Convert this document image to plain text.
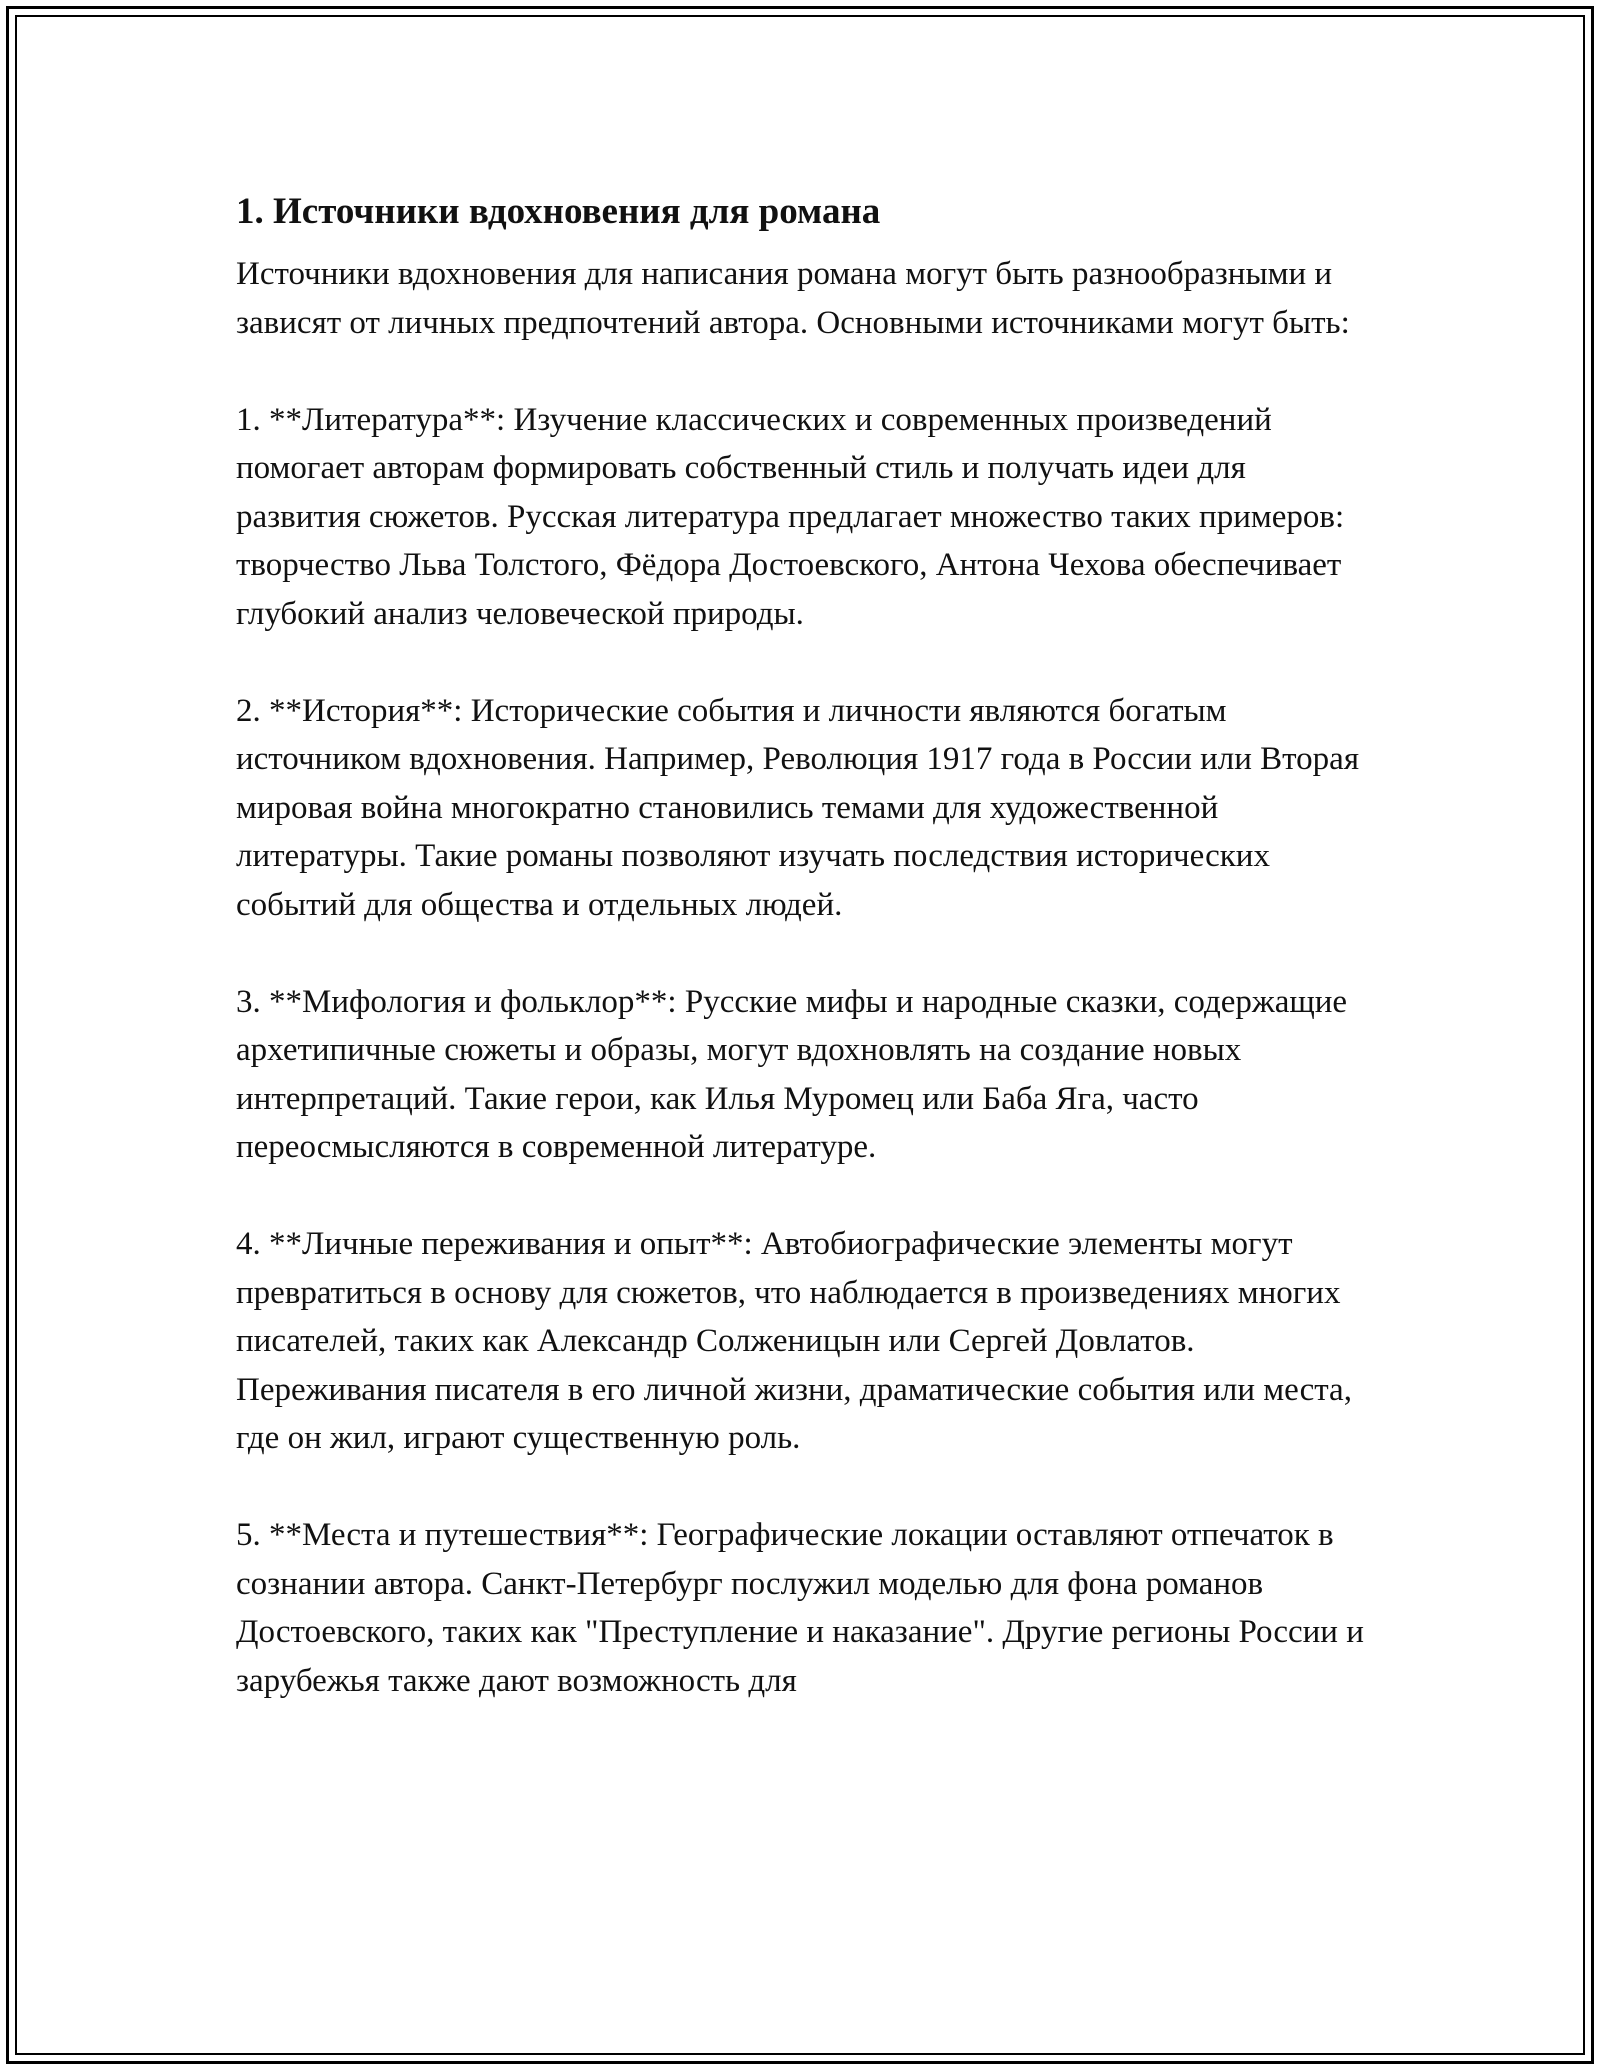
1. Источники вдохновения для романа

Источники вдохновения для написания романа могут быть разнообразными и зависят от личных предпочтений автора. Основными источниками могут быть:

1. **Литература**: Изучение классических и современных произведений помогает авторам формировать собственный стиль и получать идеи для развития сюжетов. Русская литература предлагает множество таких примеров: творчество Льва Толстого, Фёдора Достоевского, Антона Чехова обеспечивает глубокий анализ человеческой природы.

2. **История**: Исторические события и личности являются богатым источником вдохновения. Например, Революция 1917 года в России или Вторая мировая война многократно становились темами для художественной литературы. Такие романы позволяют изучать последствия исторических событий для общества и отдельных людей.

3. **Мифология и фольклор**: Русские мифы и народные сказки, содержащие архетипичные сюжеты и образы, могут вдохновлять на создание новых интерпретаций. Такие герои, как Илья Муромец или Баба Яга, часто переосмысляются в современной литературе.

4. **Личные переживания и опыт**: Автобиографические элементы могут превратиться в основу для сюжетов, что наблюдается в произведениях многих писателей, таких как Александр Солженицын или Сергей Довлатов. Переживания писателя в его личной жизни, драматические события или места, где он жил, играют существенную роль.

5. **Места и путешествия**: Географические локации оставляют отпечаток в сознании автора. Санкт-Петербург послужил моделью для фона романов Достоевского, таких как "Преступление и наказание". Другие регионы России и зарубежья также дают возможность для
